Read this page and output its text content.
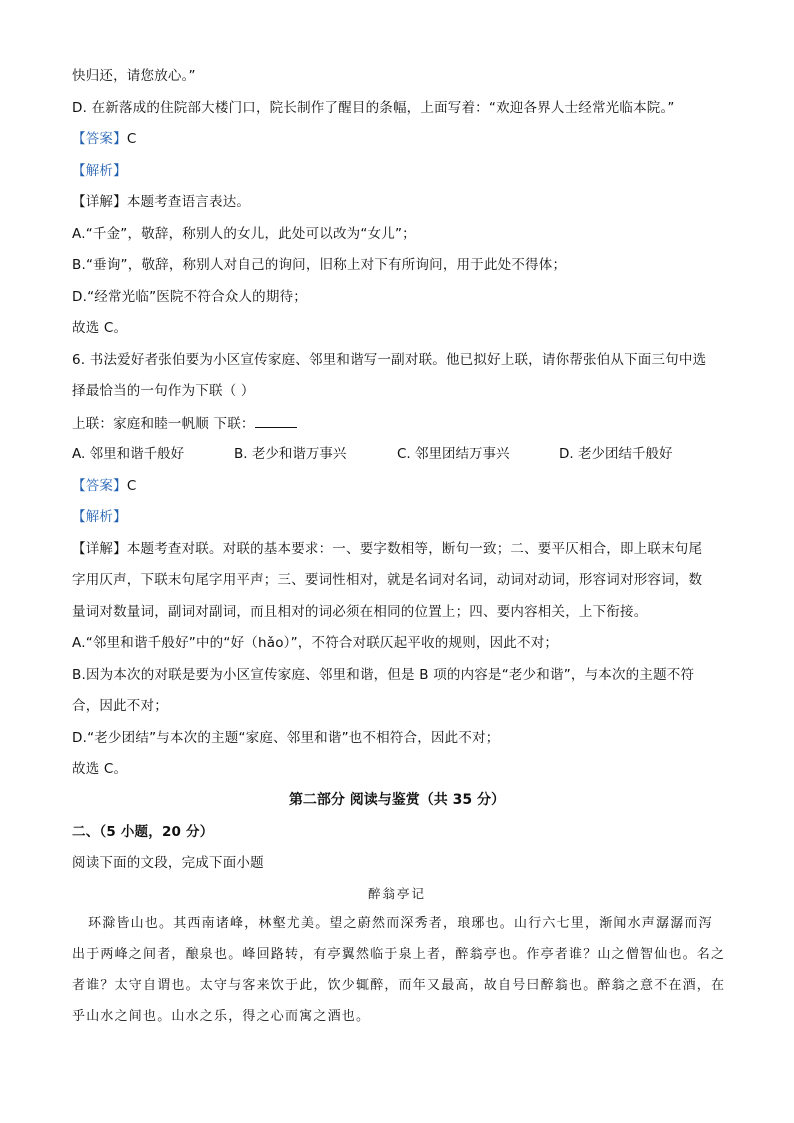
快归还，请您放心。”
D. 在新落成的住院部大楼门口，院长制作了醒目的条幅，上面写着：“欢迎各界人士经常光临本院。”
【答案】C
【解析】
【详解】本题考查语言表达。
A.“千金”，敬辞，称别人的女儿，此处可以改为“女儿”；
B.“垂询”，敬辞，称别人对自己的询问，旧称上对下有所询问，用于此处不得体；
D.“经常光临”医院不符合众人的期待；
故选 C。
6. 书法爱好者张伯要为小区宣传家庭、邻里和谐写一副对联。他已拟好上联，请你帮张伯从下面三句中选
择最恰当的一句作为下联（ ）
上联：家庭和睦一帆顺 下联：
A. 邻里和谐千般好	B. 老少和谐万事兴	C. 邻里团结万事兴	D. 老少团结千般好
【答案】C
【解析】
【详解】本题考查对联。对联的基本要求：一、要字数相等，断句一致；二、要平仄相合，即上联末句尾
字用仄声，下联末句尾字用平声；三、要词性相对，就是名词对名词，动词对动词，形容词对形容词，数
量词对数量词，副词对副词，而且相对的词必须在相同的位置上；四、要内容相关，上下衔接。
A.“邻里和谐千般好”中的“好（hǎo）”，不符合对联仄起平收的规则，因此不对；
B.因为本次的对联是要为小区宣传家庭、邻里和谐，但是 B 项的内容是“老少和谐”，与本次的主题不符
合，因此不对；
D.“老少团结”与本次的主题“家庭、邻里和谐”也不相符合，因此不对；
故选 C。
第二部分 阅读与鉴赏（共 35 分）
二、（5 小题，20 分）
阅读下面的文段，完成下面小题
醉翁亭记
环滁皆山也。其西南诸峰，林壑尤美。望之蔚然而深秀者，琅琊也。山行六七里，渐闻水声潺潺而泻
出于两峰之间者，酿泉也。峰回路转，有亭翼然临于泉上者，醉翁亭也。作亭者谁？山之僧智仙也。名之
者谁？太守自谓也。太守与客来饮于此，饮少辄醉，而年又最高，故自号曰醉翁也。醉翁之意不在酒，在
乎山水之间也。山水之乐，得之心而寓之酒也。
